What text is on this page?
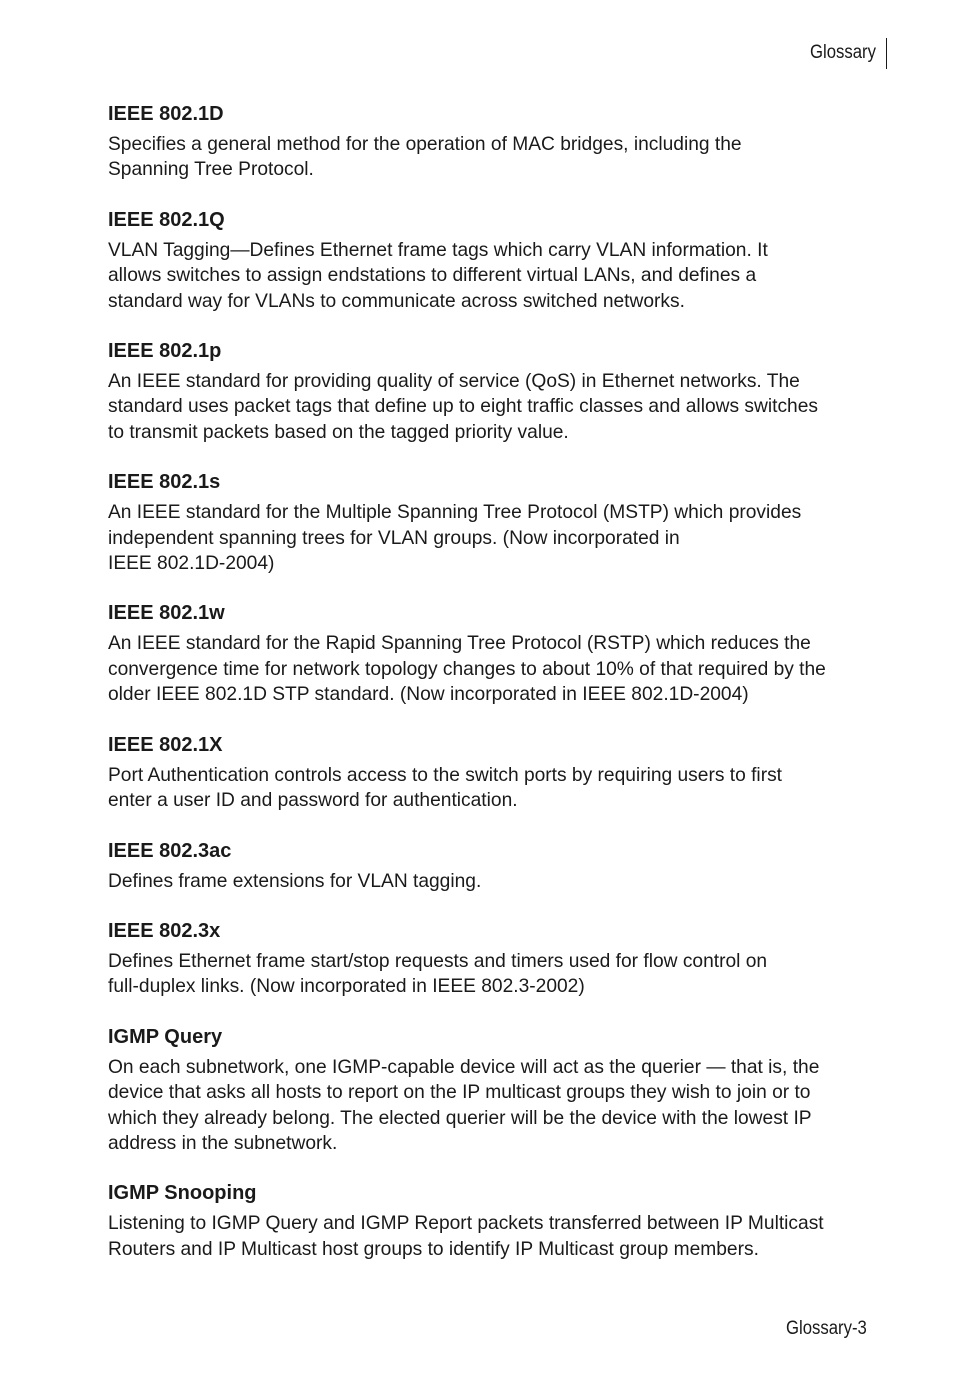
Glossary
IEEE 802.1D

Specifies a general method for the operation of MAC bridges, including the
Spanning Tree Protocol.

IEEE 802.1Q

VLAN Tagging—Defines Ethernet frame tags which carry VLAN information. It
allows switches to assign endstations to different virtual LANs, and defines a
standard way for VLANs to communicate across switched networks.

IEEE 802.1p

An IEEE standard for providing quality of service (QoS) in Ethernet networks. The
standard uses packet tags that define up to eight traffic classes and allows switches
to transmit packets based on the tagged priority value.

IEEE 802.1s

An IEEE standard for the Multiple Spanning Tree Protocol (MSTP) which provides
independent spanning trees for VLAN groups. (Now incorporated in
IEEE 802.1D-2004)

IEEE 802.1w

An IEEE standard for the Rapid Spanning Tree Protocol (RSTP) which reduces the
convergence time for network topology changes to about 10% of that required by the
older IEEE 802.1D STP standard. (Now incorporated in IEEE 802.1D-2004)

IEEE 802.1X

Port Authentication controls access to the switch ports by requiring users to first
enter a user ID and password for authentication.

IEEE 802.3ac

Defines frame extensions for VLAN tagging.

IEEE 802.3x

Defines Ethernet frame start/stop requests and timers used for flow control on
full-duplex links. (Now incorporated in IEEE 802.3-2002)

IGMP Query

On each subnetwork, one IGMP-capable device will act as the querier — that is, the
device that asks all hosts to report on the IP multicast groups they wish to join or to
which they already belong. The elected querier will be the device with the lowest IP
address in the subnetwork.

IGMP Snooping

Listening to IGMP Query and IGMP Report packets transferred between IP Multicast
Routers and IP Multicast host groups to identify IP Multicast group members.

Glossary-3
